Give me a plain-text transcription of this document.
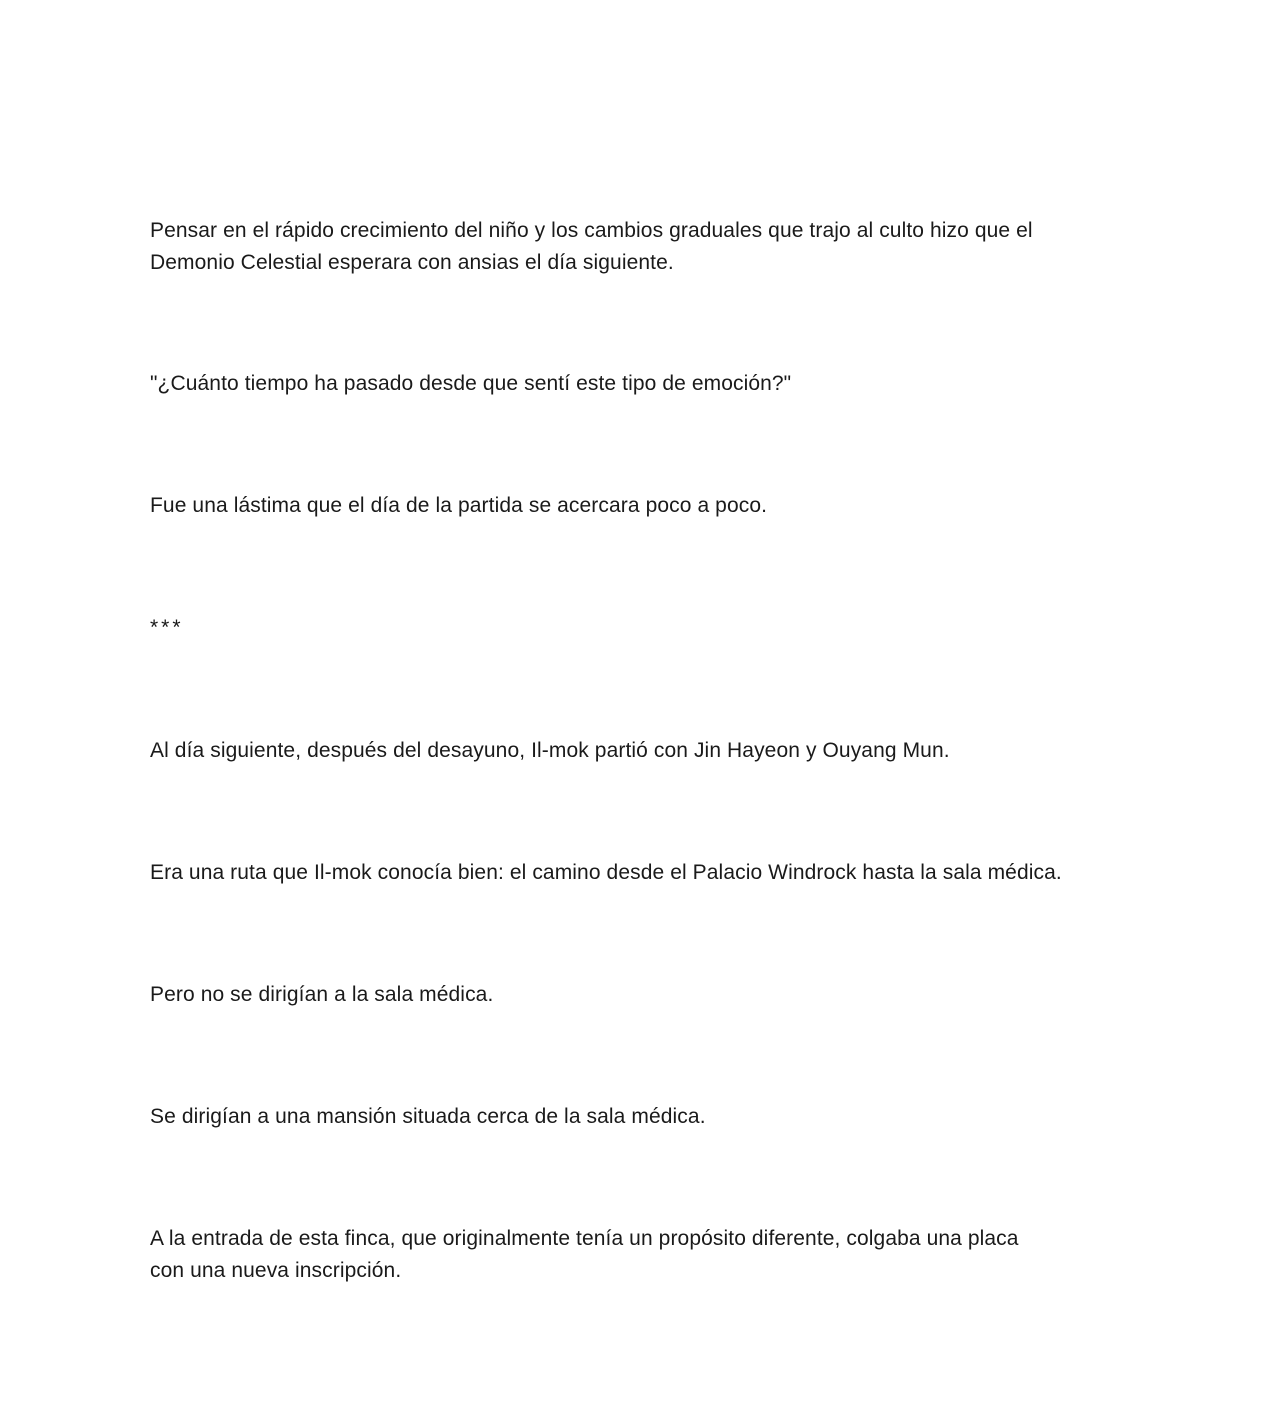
Pensar en el rápido crecimiento del niño y los cambios graduales que trajo al culto hizo que el
Demonio Celestial esperara con ansias el día siguiente.

"¿Cuánto tiempo ha pasado desde que sentí este tipo de emoción?"

Fue una lástima que el día de la partida se acercara poco a poco.

***

Al día siguiente, después del desayuno, Il-mok partió con Jin Hayeon y Ouyang Mun.

Era una ruta que Il-mok conocía bien: el camino desde el Palacio Windrock hasta la sala médica.

Pero no se dirigían a la sala médica.

Se dirigían a una mansión situada cerca de la sala médica.

A la entrada de esta finca, que originalmente tenía un propósito diferente, colgaba una placa
con una nueva inscripción.
